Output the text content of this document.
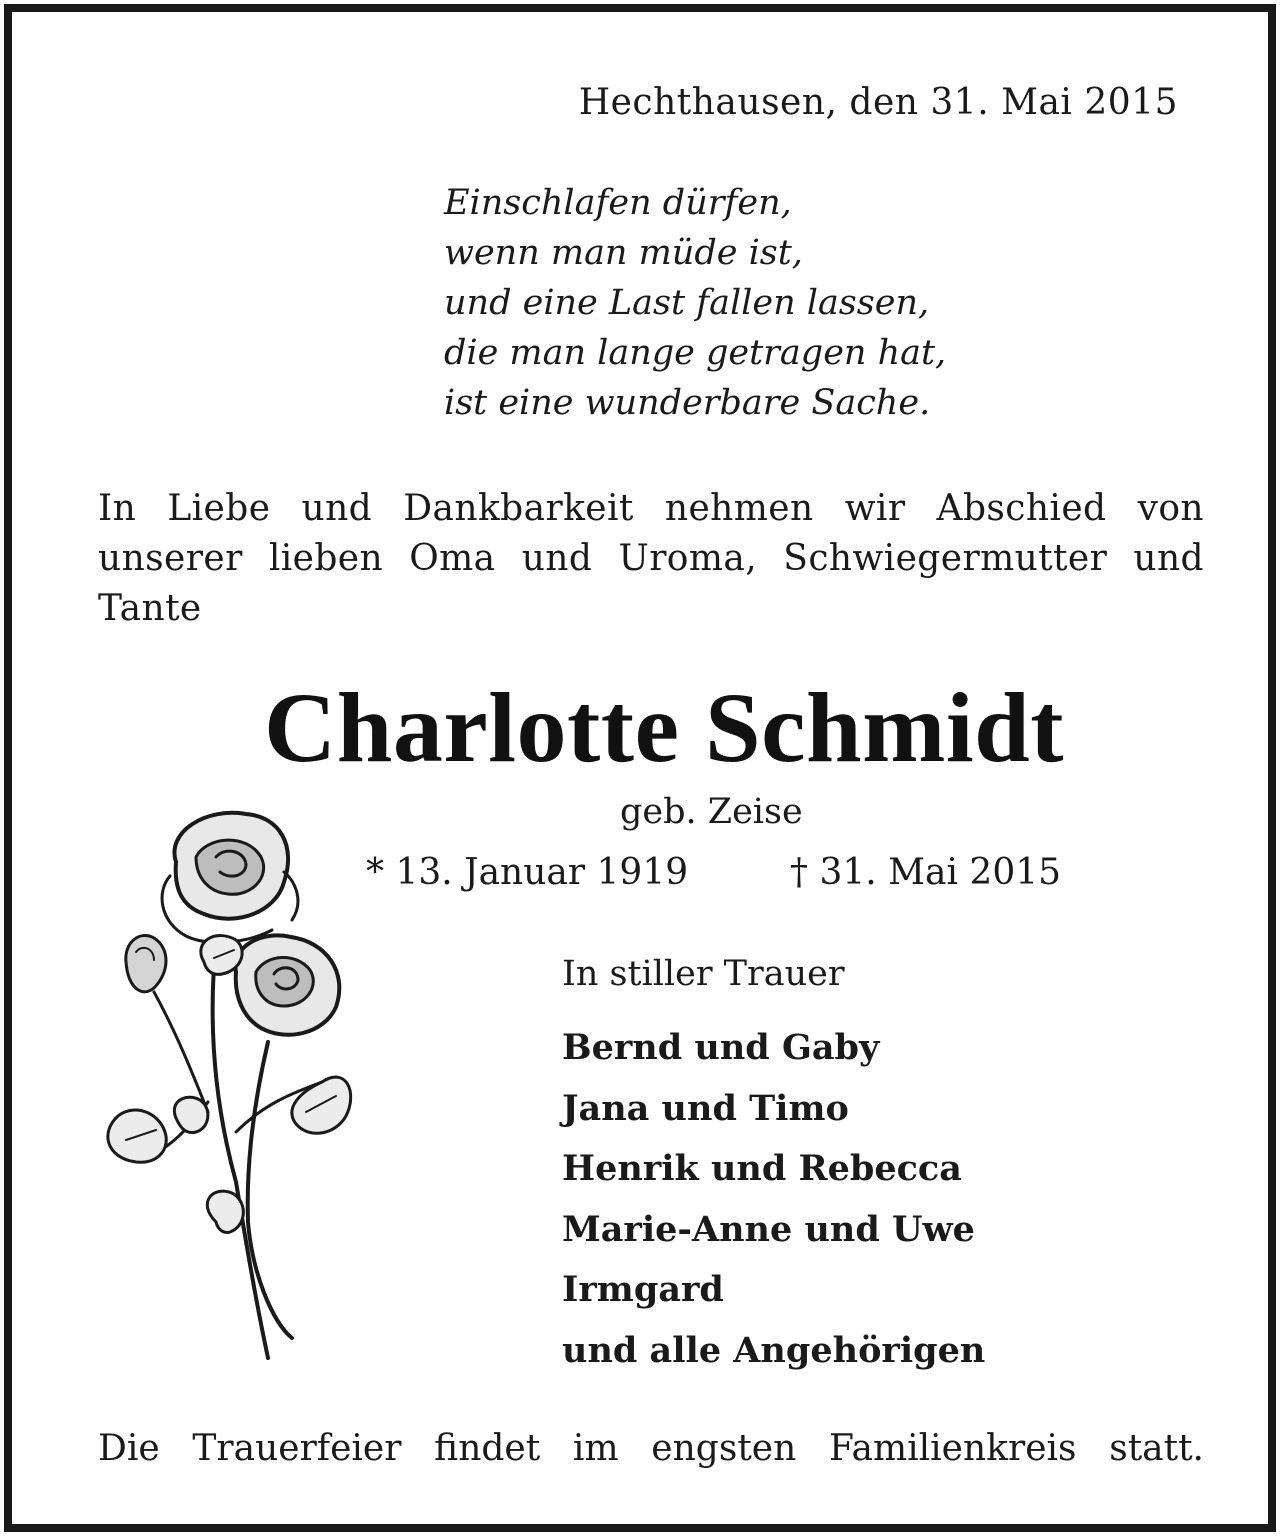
Hechthausen, den 31. Mai 2015
Einschlafen dürfen,
wenn man müde ist,
und eine Last fallen lassen,
die man lange getragen hat,
ist eine wunderbare Sache.
In Liebe und Dankbarkeit nehmen wir Abschied von unserer lieben Oma und Uroma, Schwiegermutter und Tante
Charlotte Schmidt
geb. Zeise
* 13. Januar 1919	† 31. Mai 2015
In stiller Trauer
Bernd und Gaby
Jana und Timo
Henrik und Rebecca
Marie-Anne und Uwe
Irmgard
und alle Angehörigen
Die Trauerfeier findet im engsten Familienkreis statt.
